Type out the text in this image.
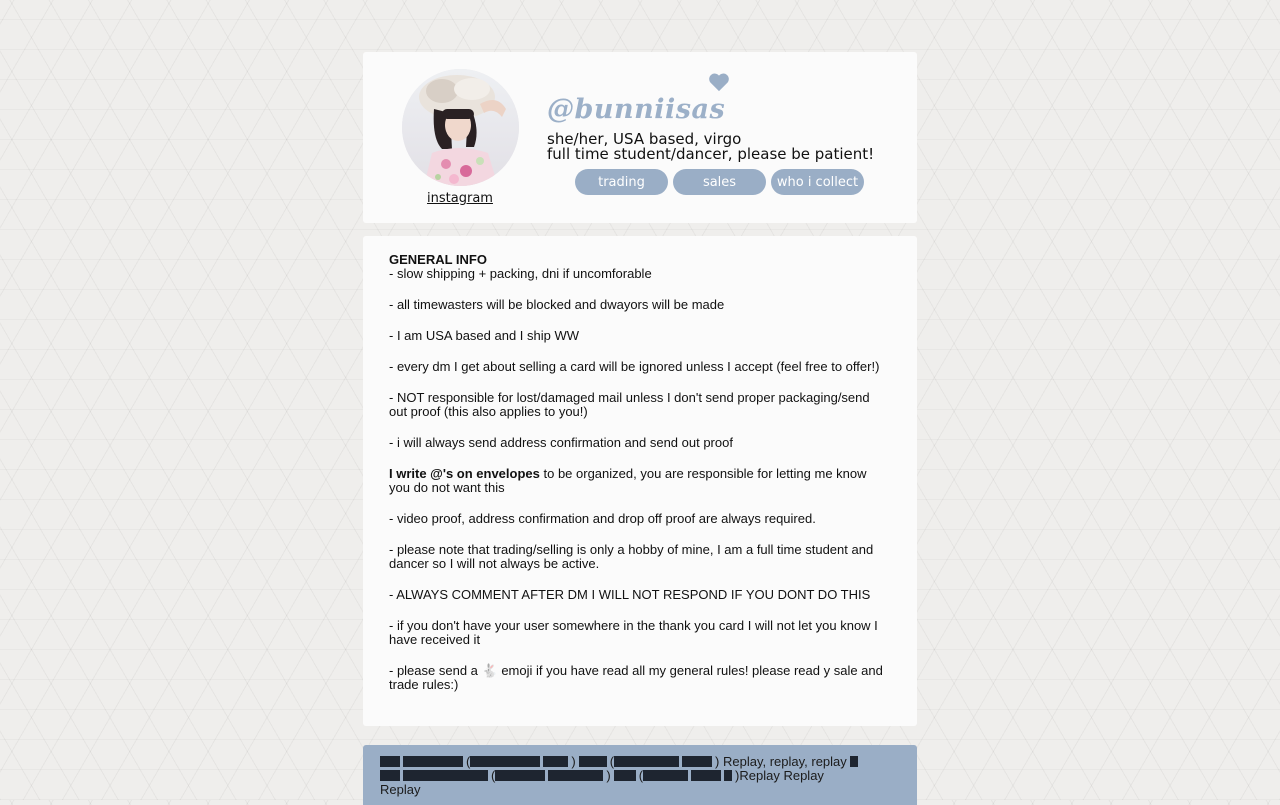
instagram
@bunniisas
she/her, USA based, virgo
full time student/dancer, please be patient!
trading	sales	who i collect
GENERAL INFO

- slow shipping + packing, dni if uncomforable

- all timewasters will be blocked and dwayors will be made

- I am USA based and I ship WW

- every dm I get about selling a card will be ignored unless I accept (feel free to offer!)

- NOT responsible for lost/damaged mail unless I don't send proper packaging/send out proof (this also applies to you!)

- i will always send address confirmation and send out proof

I write @'s on envelopes to be organized, you are responsible for letting me know you do not want this

- video proof, address confirmation and drop off proof are always required.

- please note that trading/selling is only a hobby of mine, I am a full time student and dancer so I will not always be active.

- ALWAYS COMMENT AFTER DM I WILL NOT RESPOND IF YOU DONT DO THIS

- if you don't have your user somewhere in the thank you card I will not let you know I have received it

- please send a 🐇 emoji if you have read all my general rules! please read y sale and trade rules:)

(	)	(	) Replay, replay, replay
(	) (	)Replay Replay
Replay
